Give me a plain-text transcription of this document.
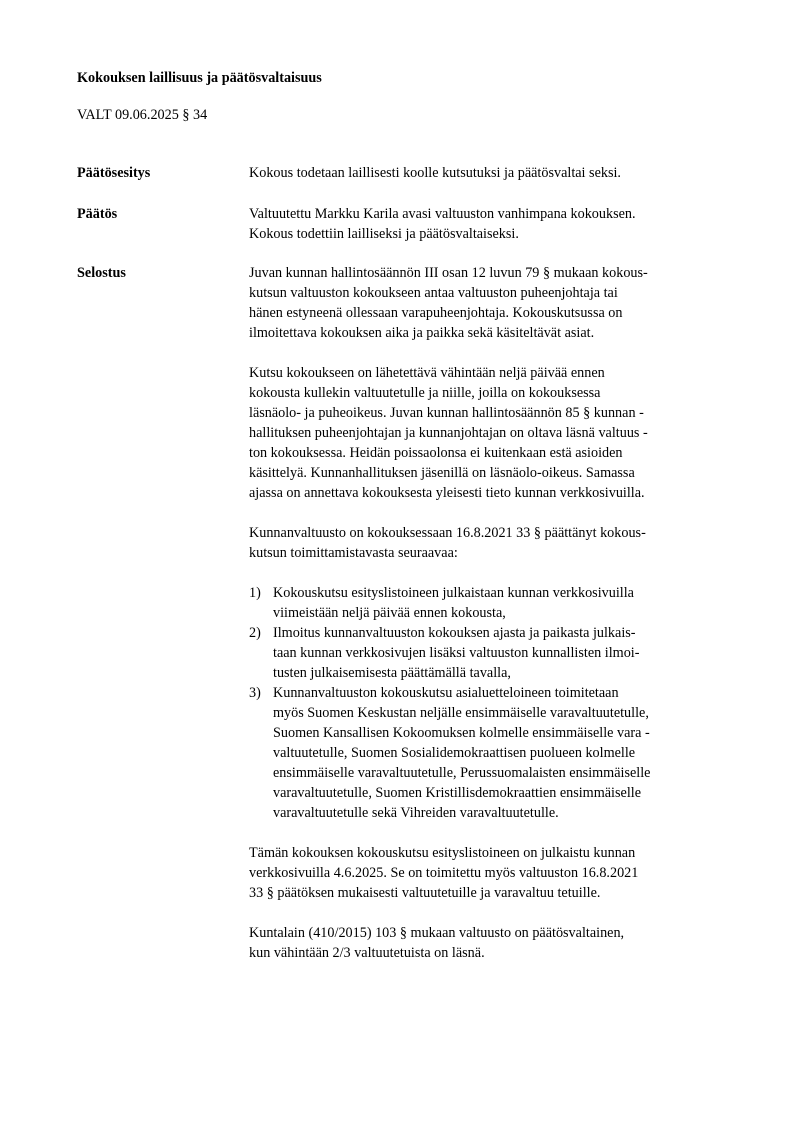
Kokouksen laillisuus ja päätösvaltaisuus
VALT 09.06.2025 § 34
Päätösesitys	Kokous todetaan laillisesti koolle kutsutuksi ja päätösvaltai seksi.
Päätös	Valtuutettu Markku Karila avasi valtuuston vanhimpana kokouksen.
Kokous todettiin lailliseksi ja päätösvaltaiseksi.
Selostus	Juvan kunnan hallintosäännön III osan 12 luvun 79 § mukaan kokous-
kutsun valtuuston kokoukseen antaa valtuuston puheenjohtaja tai
hänen estyneenä ollessaan varapuheenjohtaja. Kokouskutsussa on
ilmoitettava kokouksen aika ja paikka sekä käsiteltävät asiat.
Kutsu kokoukseen on lähetettävä vähintään neljä päivää ennen
kokousta kullekin valtuutetulle ja niille, joilla on kokouksessa
läsnäolo- ja puheoikeus. Juvan kunnan hallintosäännön 85 § kunnan -
hallituksen puheenjohtajan ja kunnanjohtajan on oltava läsnä valtuus -
ton kokouksessa. Heidän poissaolonsa ei kuitenkaan estä asioiden
käsittelyä. Kunnanhallituksen jäsenillä on läsnäolo-oikeus. Samassa
ajassa on annettava kokouksesta yleisesti tieto kunnan verkkosivuilla.
Kunnanvaltuusto on kokouksessaan 16.8.2021 33 § päättänyt kokous-
kutsun toimittamistavasta seuraavaa:
1) Kokouskutsu esityslistoineen julkaistaan kunnan verkkosivuilla
viimeistään neljä päivää ennen kokousta,
2) Ilmoitus kunnanvaltuuston kokouksen ajasta ja paikasta julkais-
taan kunnan verkkosivujen lisäksi valtuuston kunnallisten ilmoi-
tusten julkaisemisesta päättämällä tavalla,
3) Kunnanvaltuuston kokouskutsu asialuetteloineen toimitetaan
myös Suomen Keskustan neljälle ensimmäiselle varavaltuutetulle,
Suomen Kansallisen Kokoomuksen kolmelle ensimmäiselle vara -
valtuutetulle, Suomen Sosialidemokraattisen puolueen kolmelle
ensimmäiselle varavaltuutetulle, Perussuomalaisten ensimmäiselle
varavaltuutetulle, Suomen Kristillisdemokraattien ensimmäiselle
varavaltuutetulle sekä Vihreiden varavaltuutetulle.
Tämän kokouksen kokouskutsu esityslistoineen on julkaistu kunnan
verkkosivuilla 4.6.2025. Se on toimitettu myös valtuuston 16.8.2021
33 § päätöksen mukaisesti valtuutetuille ja varavaltuu tetuille.
Kuntalain (410/2015) 103 § mukaan valtuusto on päätösvaltainen,
kun vähintään 2/3 valtuutetuista on läsnä.
